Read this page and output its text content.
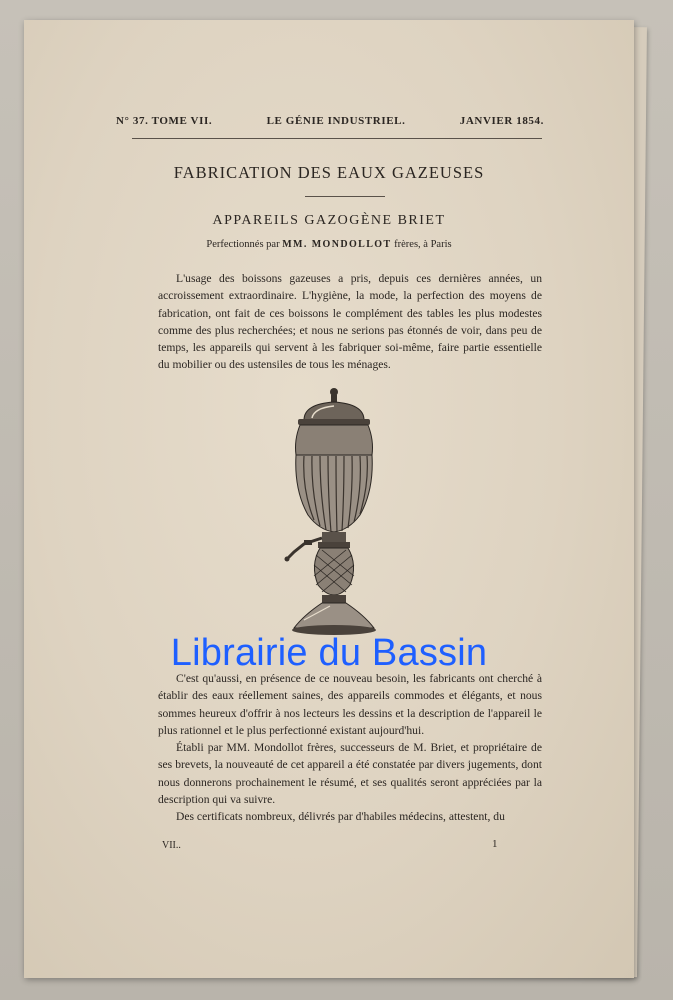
N° 37. TOME VII.	LE GÉNIE INDUSTRIEL.	JANVIER 1854.
FABRICATION DES EAUX GAZEUSES
APPAREILS GAZOGÈNE BRIET
Perfectionnés par MM. MONDOLLOT frères, à Paris

L'usage des boissons gazeuses a pris, depuis ces dernières années, un accroissement extraordinaire. L'hygiène, la mode, la perfection des moyens de fabrication, ont fait de ces boissons le complément des tables les plus modestes comme des plus recherchées; et nous ne serions pas étonnés de voir, dans peu de temps, les appareils qui servent à les fabriquer soi-même, faire partie essentielle du mobilier ou des ustensiles de tous les ménages.

Librairie du Bassin

C'est qu'aussi, en présence de ce nouveau besoin, les fabricants ont cherché à établir des eaux réellement saines, des appareils commodes et élégants, et nous sommes heureux d'offrir à nos lecteurs les dessins et la description de l'appareil le plus rationnel et le plus perfectionné existant aujourd'hui.

Établi par MM. Mondollot frères, successeurs de M. Briet, et propriétaire de ses brevets, la nouveauté de cet appareil a été constatée par divers jugements, dont nous donnerons prochainement le résumé, et ses qualités seront appréciées par la description qui va suivre.

Des certificats nombreux, délivrés par d'habiles médecins, attestent, du

VII..	1
